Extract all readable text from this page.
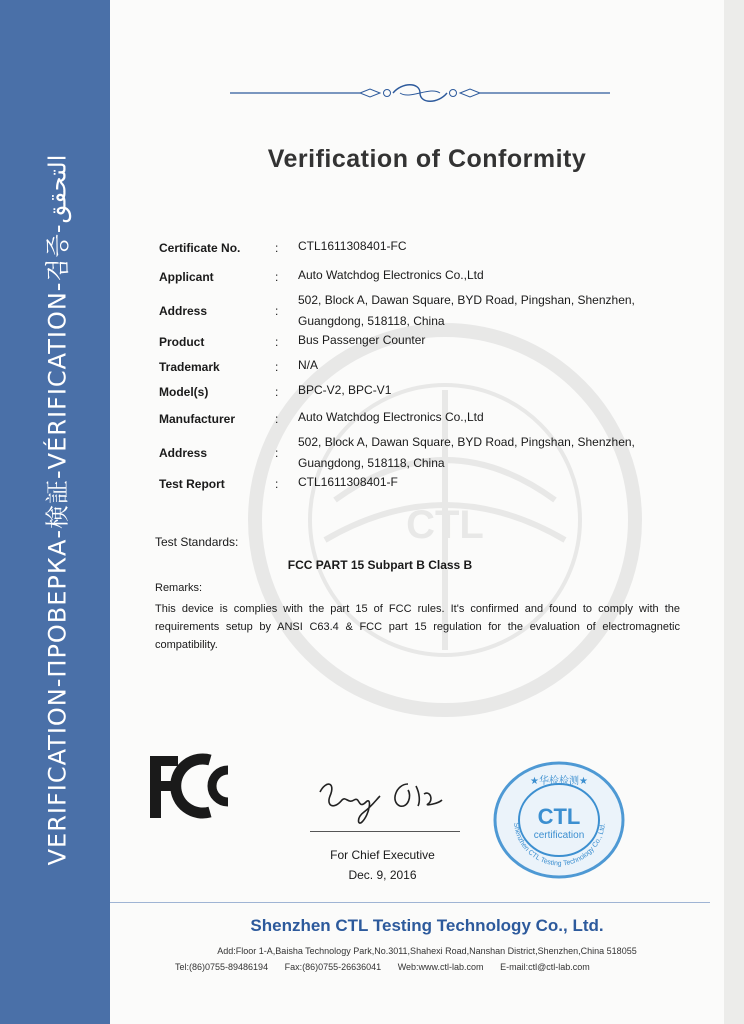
VERIFICATION-ПРОВЕРКА-検証-VÉRIFICATION-검증-التحقق	Verification of Conformity
CTL
Certificate No.	: CTL1611308401-FC
Applicant	: Auto Watchdog Electronics Co.,Ltd
Address	:
502, Block A, Dawan Square, BYD Road, Pingshan, Shenzhen, Guangdong, 518118, China
Product	: Bus Passenger Counter
Trademark	: N/A
Model(s)	: BPC-V2, BPC-V1
Manufacturer	: Auto Watchdog Electronics Co.,Ltd
Address	:
502, Block A, Dawan Square, BYD Road, Pingshan, Shenzhen, Guangdong, 518118, China
Test Report	: CTL1611308401-F
Test Standards:
FCC PART 15 Subpart B Class B
Remarks:
This device is complies with the part 15 of FCC rules. It's confirmed and found to comply with the requirements setup by ANSI C63.4 & FCC part 15 regulation for the evaluation of electromagnetic compatibility.
For Chief Executive
Dec. 9, 2016
★华检检测★
CTL
certification
Shenzhen CTL Testing Technology Co., Ltd.
Shenzhen CTL Testing Technology Co., Ltd.
Add:Floor 1-A,Baisha Technology Park,No.3011,Shahexi Road,Nanshan District,Shenzhen,China 518055
Tel:(86)0755-89486194 Fax:(86)0755-26636041 Web:www.ctl-lab.com E-mail:ctl@ctl-lab.com
